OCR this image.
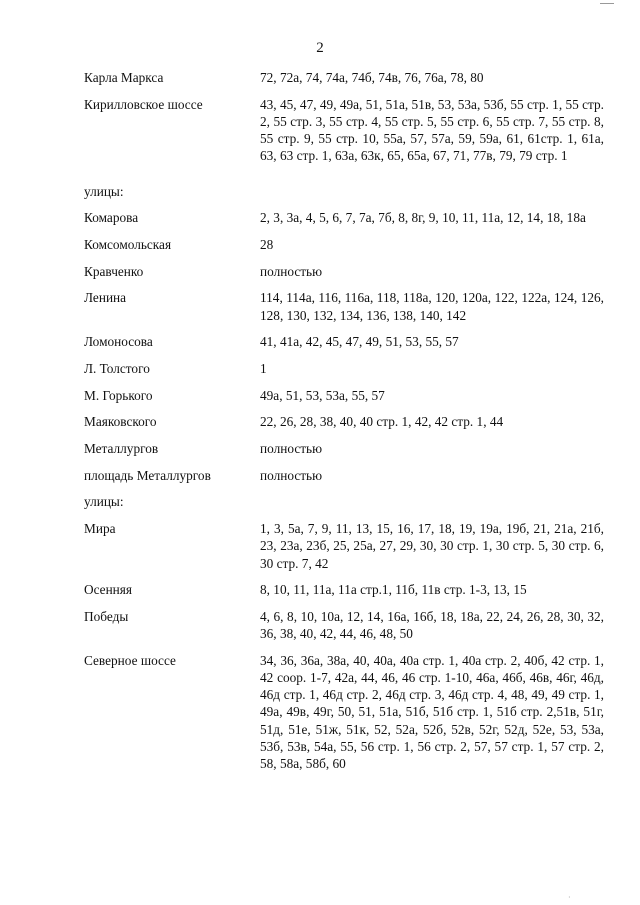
2
Карла Маркса	72, 72а, 74, 74а, 74б, 74в, 76, 76а, 78, 80
Кирилловское шоссе	43, 45, 47, 49, 49а, 51, 51а, 51в, 53, 53а, 53б, 55 стр. 1, 55 стр. 2, 55 стр. 3, 55 стр. 4, 55 стр. 5, 55 стр. 6, 55 стр. 7, 55 стр. 8, 55 стр. 9, 55 стр. 10, 55а, 57, 57а, 59, 59а, 61, 61стр. 1, 61а, 63, 63 стр. 1, 63а, 63к, 65, 65а, 67, 71, 77в, 79, 79 стр. 1
улицы:
Комарова	2, 3, 3а, 4, 5, 6, 7, 7а, 7б, 8, 8г, 9, 10, 11, 11а, 12, 14, 18, 18а
Комсомольская	28
Кравченко	полностью
Ленина	114, 114а, 116, 116а, 118, 118а, 120, 120а, 122, 122а, 124, 126, 128, 130, 132, 134, 136, 138, 140, 142
Ломоносова	41, 41а, 42, 45, 47, 49, 51, 53, 55, 57
Л. Толстого	1
М. Горького	49а, 51, 53, 53а, 55, 57
Маяковского	22, 26, 28, 38, 40, 40 стр. 1, 42, 42 стр. 1, 44
Металлургов	полностью
площадь Металлургов	полностью
улицы:
Мира	1, 3, 5а, 7, 9, 11, 13, 15, 16, 17, 18, 19, 19а, 19б, 21, 21а, 21б, 23, 23а, 23б, 25, 25а, 27, 29, 30, 30 стр. 1, 30 стр. 5, 30 стр. 6, 30 стр. 7, 42
Осенняя	8, 10, 11, 11а, 11а стр.1, 11б, 11в стр. 1-3, 13, 15
Победы	4, 6, 8, 10, 10а, 12, 14, 16а, 16б, 18, 18а, 22, 24, 26, 28, 30, 32, 36, 38, 40, 42, 44, 46, 48, 50
Северное шоссе	34, 36, 36а, 38а, 40, 40а, 40а стр. 1, 40а стр. 2, 40б, 42 стр. 1, 42 соор. 1-7, 42а, 44, 46, 46 стр. 1-10, 46а, 46б, 46в, 46г, 46д, 46д стр. 1, 46д стр. 2, 46д стр. 3, 46д стр. 4, 48, 49, 49 стр. 1, 49а, 49в, 49г, 50, 51, 51а, 51б, 51б стр. 1, 51б стр. 2,51в, 51г, 51д, 51е, 51ж, 51к, 52, 52а, 52б, 52в, 52г, 52д, 52е, 53, 53а, 53б, 53в, 54а, 55, 56 стр. 1, 56 стр. 2, 57, 57 стр. 1, 57 стр. 2, 58, 58а, 58б, 60
·
